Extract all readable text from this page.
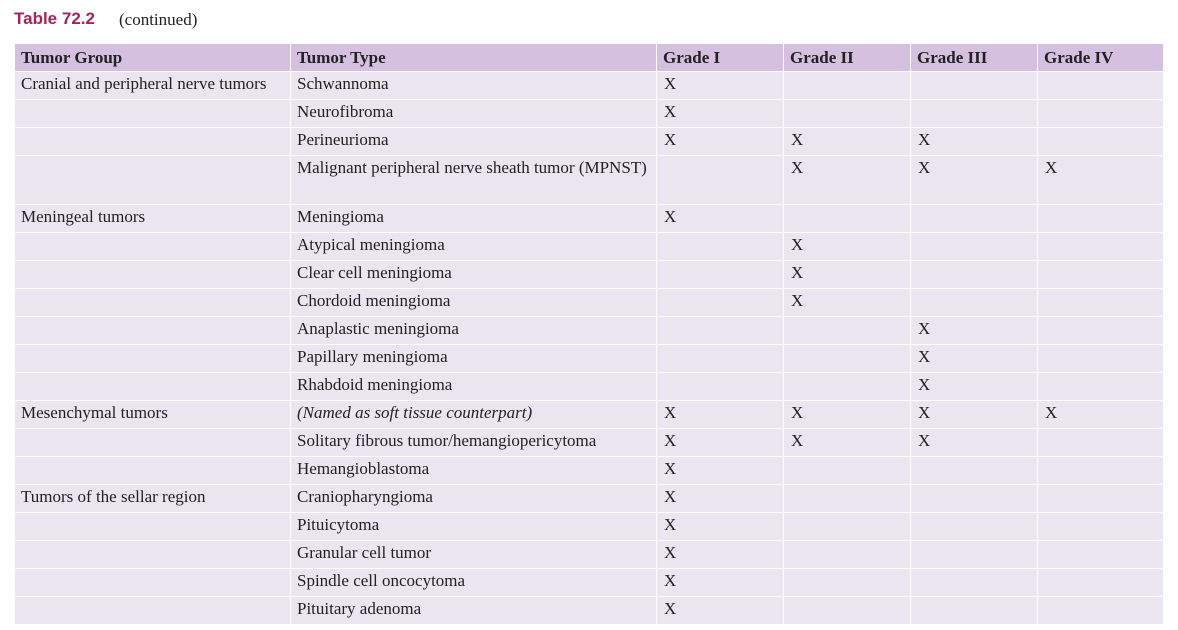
Table 72.2 (continued)
Tumor Group	Tumor Type	Grade I	Grade II	Grade III	Grade IV
Cranial and peripheral nerve tumors	Schwannoma	X			
	Neurofibroma	X			
	Perineurioma	X	X	X	
	Malignant peripheral nerve sheath tumor (MPNST)		X	X	X
Meningeal tumors	Meningioma	X			
	Atypical meningioma		X		
	Clear cell meningioma		X		
	Chordoid meningioma		X		
	Anaplastic meningioma			X	
	Papillary meningioma			X	
	Rhabdoid meningioma			X	
Mesenchymal tumors	(Named as soft tissue counterpart)	X	X	X	X
	Solitary fibrous tumor/hemangiopericytoma	X	X	X	
	Hemangioblastoma	X			
Tumors of the sellar region	Craniopharyngioma	X			
	Pituicytoma	X			
	Granular cell tumor	X			
	Spindle cell oncocytoma	X			
	Pituitary adenoma	X			
